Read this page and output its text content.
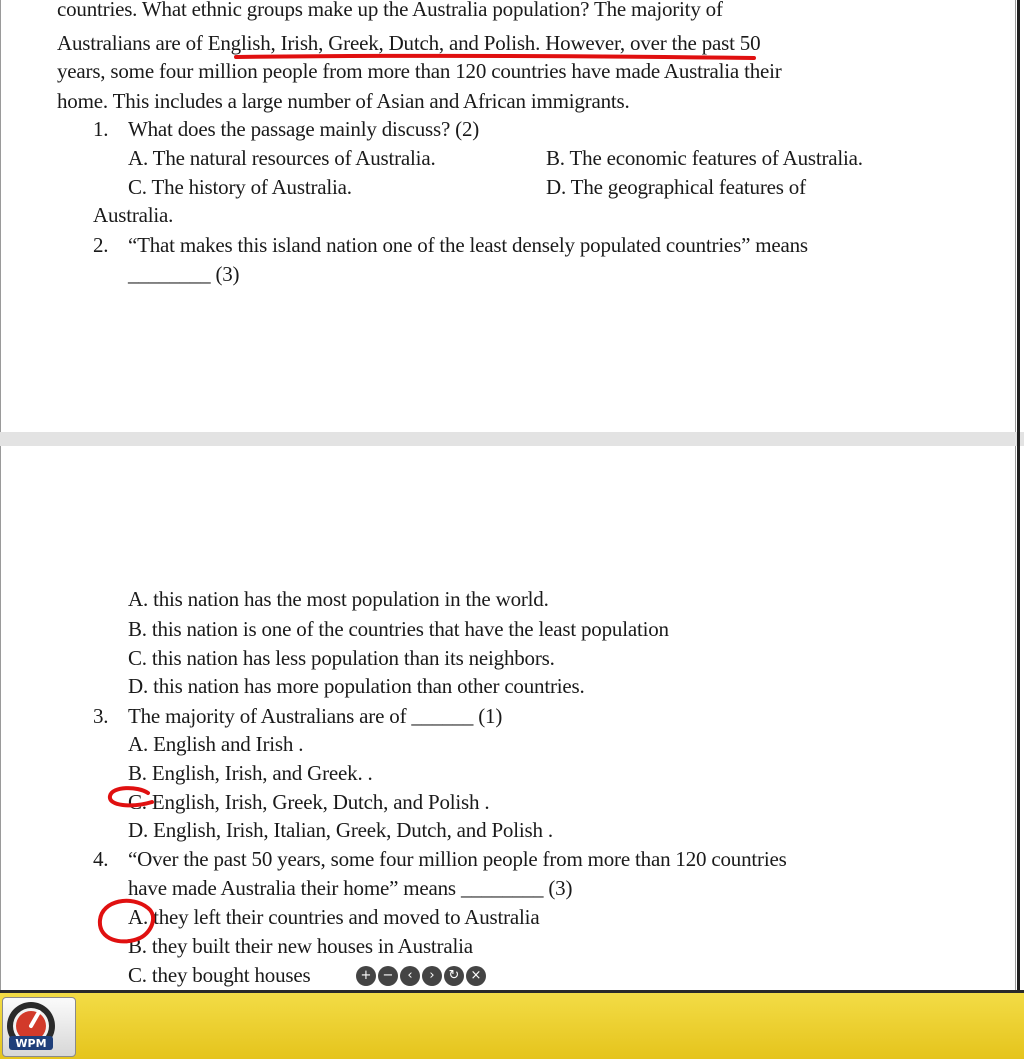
countries. What ethnic groups make up the Australia population? The majority of
Australians are of English, Irish, Greek, Dutch, and Polish. However, over the past 50
years, some four million people from more than 120 countries have made Australia their
home. This includes a large number of Asian and African immigrants.
1. What does the passage mainly discuss? (2)
A. The natural resources of Australia.	B. The economic features of Australia.
C. The history of Australia.	D. The geographical features of
Australia.
2. “That makes this island nation one of the least densely populated countries” means
________ (3)
A. this nation has the most population in the world.
B. this nation is one of the countries that have the least population
C. this nation has less population than its neighbors.
D. this nation has more population than other countries.
3. The majority of Australians are of ______ (1)
A. English and Irish .
B. English, Irish, and Greek. .
C. English, Irish, Greek, Dutch, and Polish .
D. English, Irish, Italian, Greek, Dutch, and Polish .
4. “Over the past 50 years, some four million people from more than 120 countries
have made Australia their home” means ________ (3)
A. they left their countries and moved to Australia
B. they built their new houses in Australia
C. they bought houses	+ −	‹	›	↻ ×
WPM
